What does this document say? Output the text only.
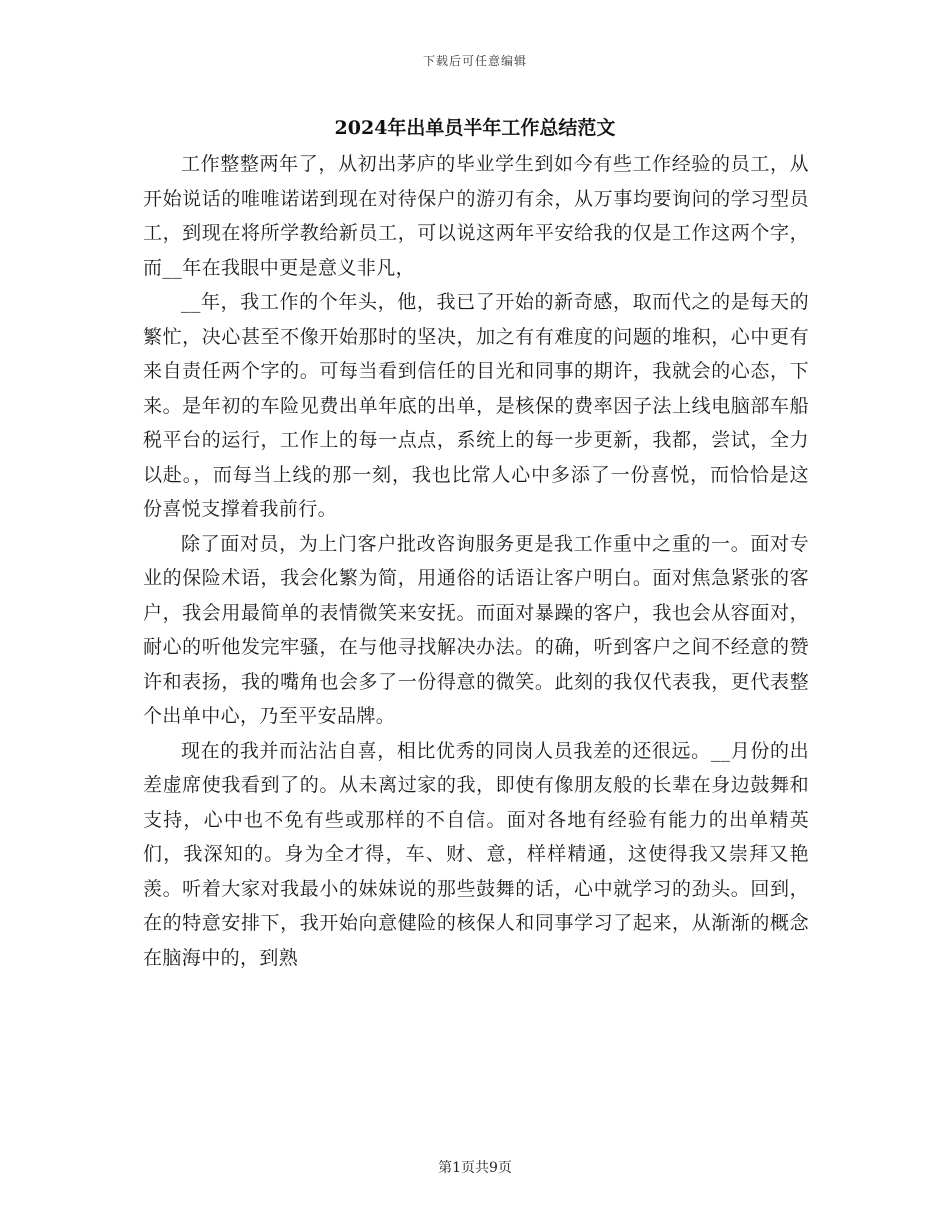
下载后可任意编辑
2024年出单员半年工作总结范文

工作整整两年了，从初出茅庐的毕业学生到如今有些工作经验的员工，从开始说话的唯唯诺诺到现在对待保户的游刃有余，从万事均要询问的学习型员工，到现在将所学教给新员工，可以说这两年平安给我的仅是工作这两个字，而__年在我眼中更是意义非凡，

__年，我工作的个年头，他，我已了开始的新奇感，取而代之的是每天的繁忙，决心甚至不像开始那时的坚决，加之有有难度的问题的堆积，心中更有来自责任两个字的。可每当看到信任的目光和同事的期许，我就会的心态，下来。是年初的车险见费出单年底的出单，是核保的费率因子法上线电脑部车船税平台的运行，工作上的每一点点，系统上的每一步更新，我都，尝试，全力以赴。，而每当上线的那一刻，我也比常人心中多添了一份喜悦，而恰恰是这份喜悦支撑着我前行。

除了面对员，为上门客户批改咨询服务更是我工作重中之重的一。面对专业的保险术语，我会化繁为简，用通俗的话语让客户明白。面对焦急紧张的客户，我会用最简单的表情微笑来安抚。而面对暴躁的客户，我也会从容面对，耐心的听他发完牢骚，在与他寻找解决办法。的确，听到客户之间不经意的赞许和表扬，我的嘴角也会多了一份得意的微笑。此刻的我仅代表我，更代表整个出单中心，乃至平安品牌。

现在的我并而沾沾自喜，相比优秀的同岗人员我差的还很远。__月份的出差虚席使我看到了的。从未离过家的我，即使有像朋友般的长辈在身边鼓舞和支持，心中也不免有些或那样的不自信。面对各地有经验有能力的出单精英们，我深知的。身为全才得，车、财、意，样样精通，这使得我又崇拜又艳羡。听着大家对我最小的妹妹说的那些鼓舞的话，心中就学习的劲头。回到，在的特意安排下，我开始向意健险的核保人和同事学习了起来，从渐渐的概念在脑海中的，到熟

第1页共9页
